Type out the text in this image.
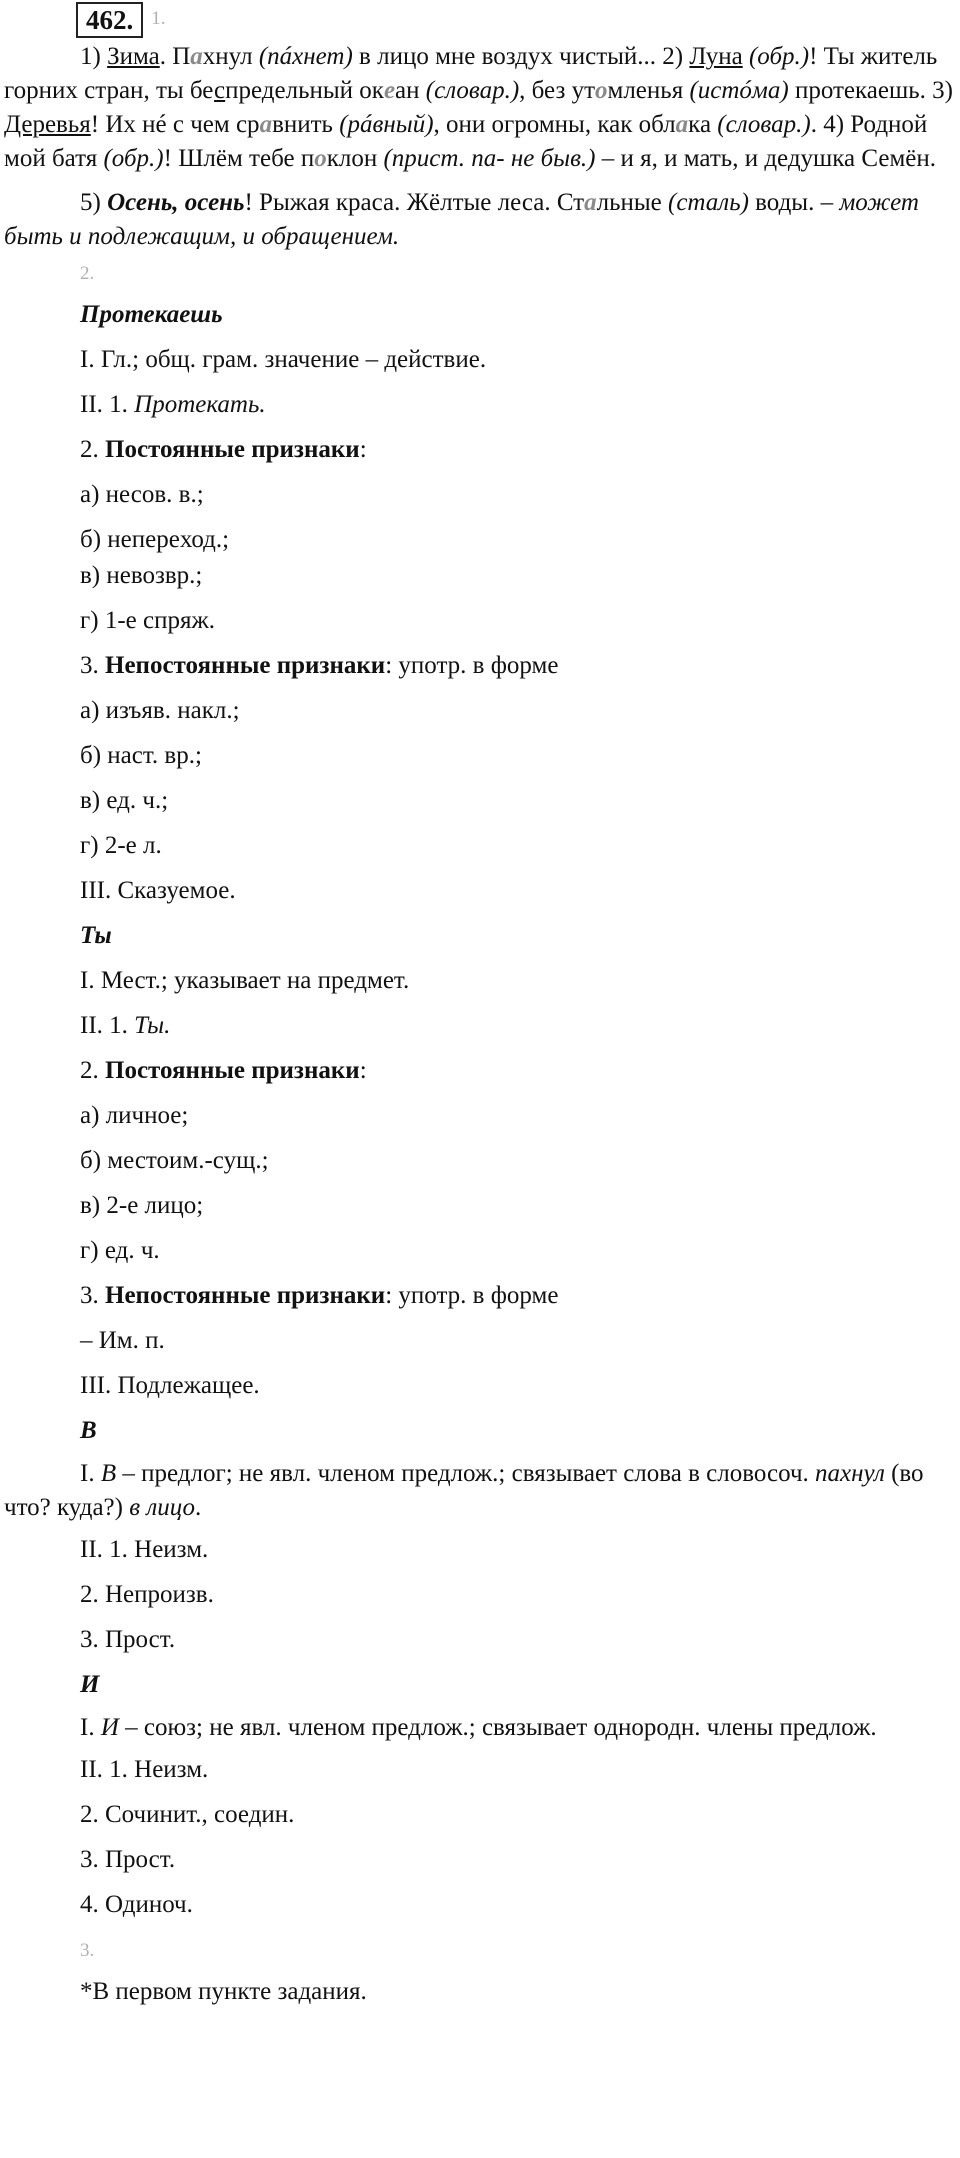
462. 1.

1) Зима. Пахнул (пáхнет) в лицо мне воздух чистый... 2) Луна (обр.)! Ты житель горних стран, ты беспредельный океан (словар.), без утомленья (истóма) протекаешь. 3) Деревья! Их нé с чем сравнить (рáвный), они огромны, как облака (словар.). 4) Родной мой батя (обр.)! Шлём тебе поклон (прист. па- не быв.) – и я, и мать, и дедушка Семён.

5) Осень, осень! Рыжая краса. Жёлтые леса. Стальные (сталь) воды. – может быть и подлежащим, и обращением.

2.
Протекаешь
I. Гл.; общ. грам. значение – действие.
II. 1. Протекать.
2. Постоянные признаки:
а) несов. в.;
б) неперeход.;
в) невозвр.;
г) 1-е спряж.
3. Непостоянные признаки: употр. в форме
а) изъяв. накл.;
б) наст. вр.;
в) ед. ч.;
г) 2-е л.
III. Сказуемое.
Ты
I. Мест.; указывает на предмет.
II. 1. Ты.
2. Постоянные признаки:
а) личное;
б) местоим.-сущ.;
в) 2-е лицо;
г) ед. ч.
3. Непостоянные признаки: употр. в форме
– Им. п.
III. Подлежащее.
В

I. В – предлог; не явл. членом предлож.; связывает слова в словосоч. пахнул (во что? куда?) в лицо.

II. 1. Неизм.
2. Непроизв.
3. Прост.
И

I. И – союз; не явл. членом предлож.; связывает однородн. члены предлож.

II. 1. Неизм.
2. Сочинит., соедин.
3. Прост.
4. Одиноч.
3.
*В первом пункте задания.
